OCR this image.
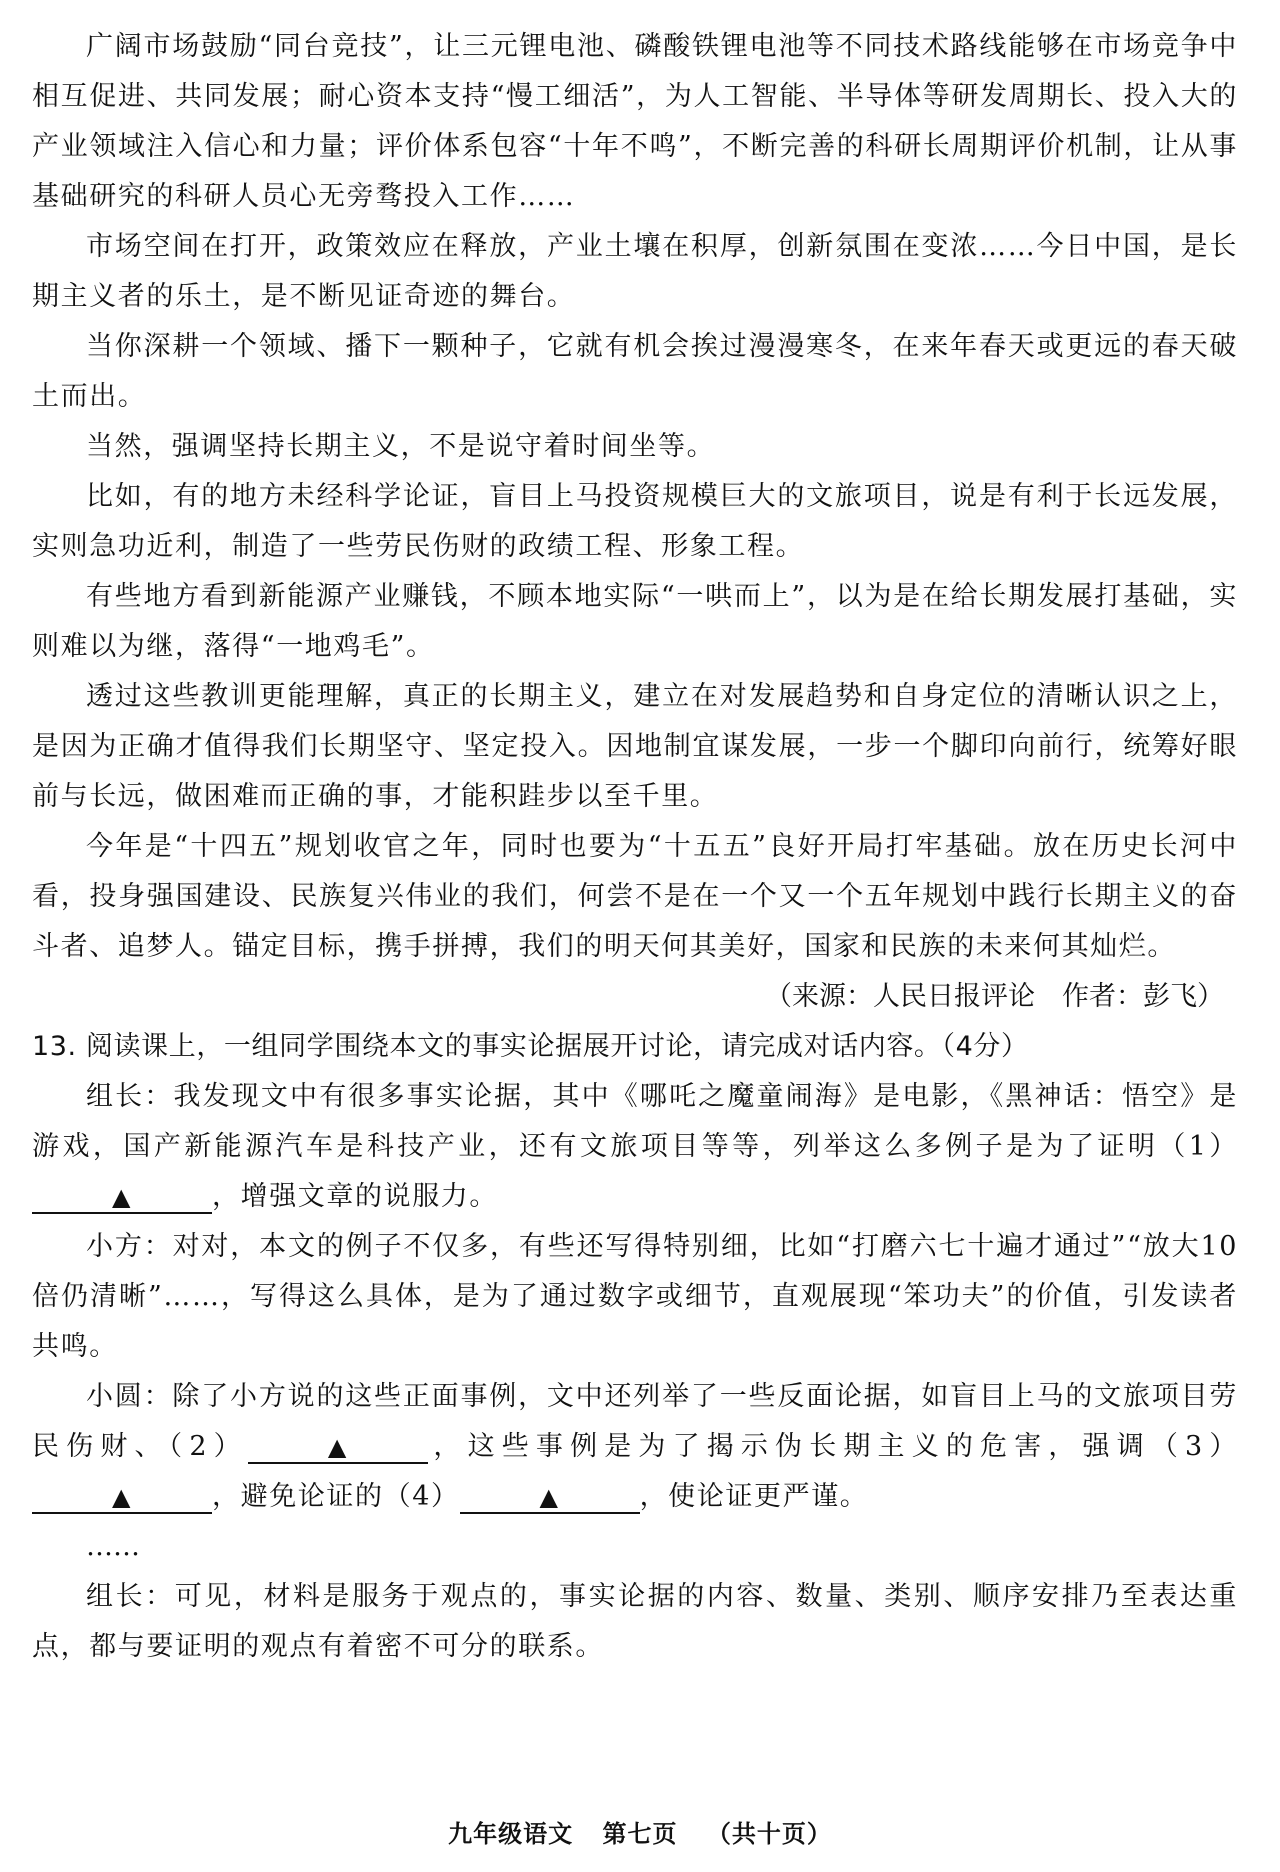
广阔市场鼓励“同台竞技”，让三元锂电池、磷酸铁锂电池等不同技术路线能够在市场竞争中相互促进、共同发展；耐心资本支持“慢工细活”，为人工智能、半导体等研发周期长、投入大的产业领域注入信心和力量；评价体系包容“十年不鸣”，不断完善的科研长周期评价机制，让从事基础研究的科研人员心无旁骛投入工作……

市场空间在打开，政策效应在释放，产业土壤在积厚，创新氛围在变浓……今日中国，是长期主义者的乐土，是不断见证奇迹的舞台。

当你深耕一个领域、播下一颗种子，它就有机会挨过漫漫寒冬，在来年春天或更远的春天破土而出。

当然，强调坚持长期主义，不是说守着时间坐等。

比如，有的地方未经科学论证，盲目上马投资规模巨大的文旅项目，说是有利于长远发展，实则急功近利，制造了一些劳民伤财的政绩工程、形象工程。

有些地方看到新能源产业赚钱，不顾本地实际“一哄而上”，以为是在给长期发展打基础，实则难以为继，落得“一地鸡毛”。

透过这些教训更能理解，真正的长期主义，建立在对发展趋势和自身定位的清晰认识之上，是因为正确才值得我们长期坚守、坚定投入。因地制宜谋发展，一步一个脚印向前行，统筹好眼前与长远，做困难而正确的事，才能积跬步以至千里。

今年是“十四五”规划收官之年，同时也要为“十五五”良好开局打牢基础。放在历史长河中看，投身强国建设、民族复兴伟业的我们，何尝不是在一个又一个五年规划中践行长期主义的奋斗者、追梦人。锚定目标，携手拼搏，我们的明天何其美好，国家和民族的未来何其灿烂。

（来源：人民日报评论　作者：彭飞）

13. 阅读课上，一组同学围绕本文的事实论据展开讨论，请完成对话内容。（4分）

组长：我发现文中有很多事实论据，其中《哪吒之魔童闹海》是电影，《黑神话：悟空》是游戏，国产新能源汽车是科技产业，还有文旅项目等等，列举这么多例子是为了证明（1）▲	，增强文章的说服力。

小方：对对，本文的例子不仅多，有些还写得特别细，比如“打磨六七十遍才通过”“放大10倍仍清晰”……，写得这么具体，是为了通过数字或细节，直观展现“笨功夫”的价值，引发读者共鸣。

小圆：除了小方说的这些正面事例，文中还列举了一些反面论据，如盲目上马的文旅项目劳民伤财、（2）	▲	，这些事例是为了揭示伪长期主义的危害，强调（3）▲	，避免论证的（4）	▲	，使论证更严谨。

……

组长：可见，材料是服务于观点的，事实论据的内容、数量、类别、顺序安排乃至表达重点，都与要证明的观点有着密不可分的联系。

九年级语文 第七页 （共十页）
